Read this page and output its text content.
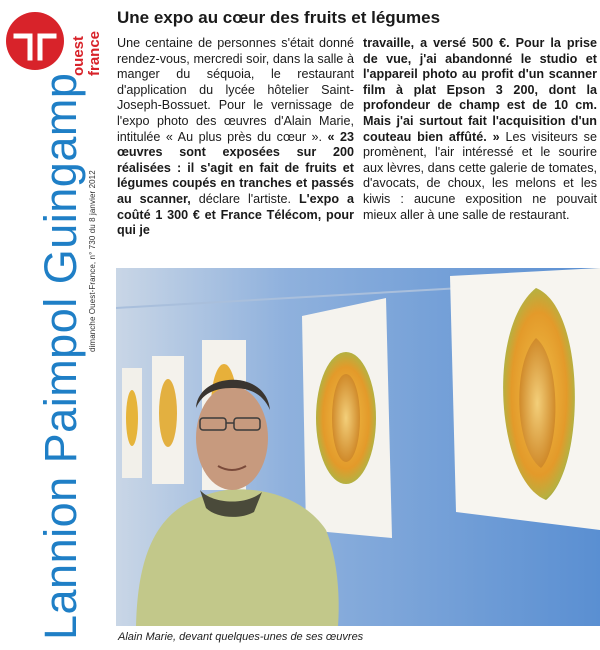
ouest france
Lannion Paimpol Guingamp dimanche Ouest-France, n° 730 du 8 janvier 2012
Une expo au cœur des fruits et légumes

Une centaine de personnes s'était donné rendez-vous, mercredi soir, dans la salle à manger du séquoia, le restaurant d'application du lycée hôtelier Saint-Joseph-Bossuet. Pour le vernissage de l'expo photo des œuvres d'Alain Marie, intitulée « Au plus près du cœur ». « 23 œuvres sont exposées sur 200 réalisées : il s'agit en fait de fruits et légumes coupés en tranches et passés au scanner, déclare l'artiste. L'expo a coûté 1 300 € et France Télécom, pour qui je

travaille, a versé 500 €. Pour la prise de vue, j'ai abandonné le studio et l'appareil photo au profit d'un scanner film à plat Epson 3 200, dont la profondeur de champ est de 10 cm. Mais j'ai surtout fait l'acquisition d'un couteau bien affûté. » Les visiteurs se promènent, l'air intéressé et le sourire aux lèvres, dans cette galerie de tomates, d'avocats, de choux, les melons et les kiwis : aucune exposition ne pouvait mieux aller à une salle de restaurant.

Alain Marie, devant quelques-unes de ses œuvres
